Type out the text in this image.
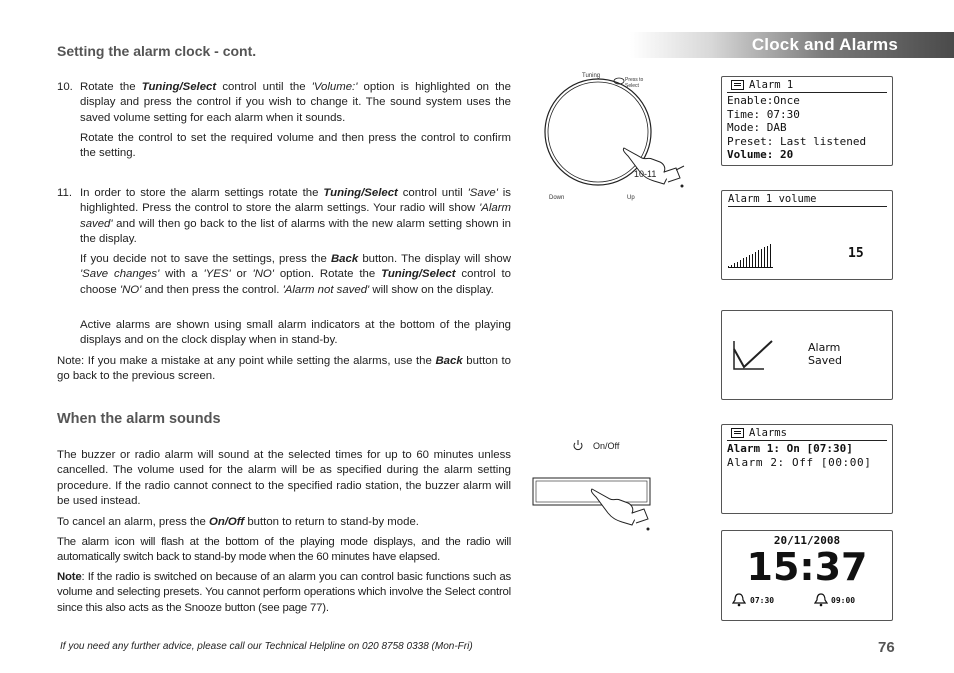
Clock and Alarms
Setting the alarm clock - cont.
10. Rotate the Tuning/Select control until the 'Volume:' option is highlighted on the display and press the control if you wish to change it. The sound system uses the saved volume setting for each alarm when it sounds.
Rotate the control to set the required volume and then press the control to confirm the setting.
11. In order to store the alarm settings rotate the Tuning/Select control until 'Save' is highlighted. Press the control to store the alarm settings. Your radio will show 'Alarm saved' and will then go back to the list of alarms with the new alarm setting shown in the display.
If you decide not to save the settings, press the Back button. The display will show 'Save changes' with a 'YES' or 'NO' option. Rotate the Tuning/Select control to choose 'NO' and then press the control. 'Alarm not saved' will show on the display.
Active alarms are shown using small alarm indicators at the bottom of the playing displays and on the clock display when in stand-by.
Note: If you make a mistake at any point while setting the alarms, use the Back button to go back to the previous screen.
When the alarm sounds
The buzzer or radio alarm will sound at the selected times for up to 60 minutes unless cancelled. The volume used for the alarm will be as specified during the alarm setting procedure. If the radio cannot connect to the specified radio station, the buzzer alarm will be used instead.
To cancel an alarm, press the On/Off button to return to stand-by mode.
The alarm icon will flash at the bottom of the playing mode displays, and the radio will automatically switch back to stand-by mode when the 60 minutes have elapsed.
Note: If the radio is switched on because of an alarm you can control basic functions such as volume and selecting presets. You cannot perform operations which involve the Select control since this also acts as the Snooze button (see page 77).
Tuning
Press to
Select
Down	Up
10-11
On/Off
Alarm 1
Enable:Once
Time: 07:30
Mode: DAB
Preset: Last listened
Volume: 20
Alarm 1 volume
15
Alarm
Saved
Alarms
Alarm 1: On [07:30]
Alarm 2: Off [00:00]
20/11/2008
15:37
07:30	09:00
If you need any further advice, please call our Technical Helpline on 020 8758 0338 (Mon-Fri)	76
